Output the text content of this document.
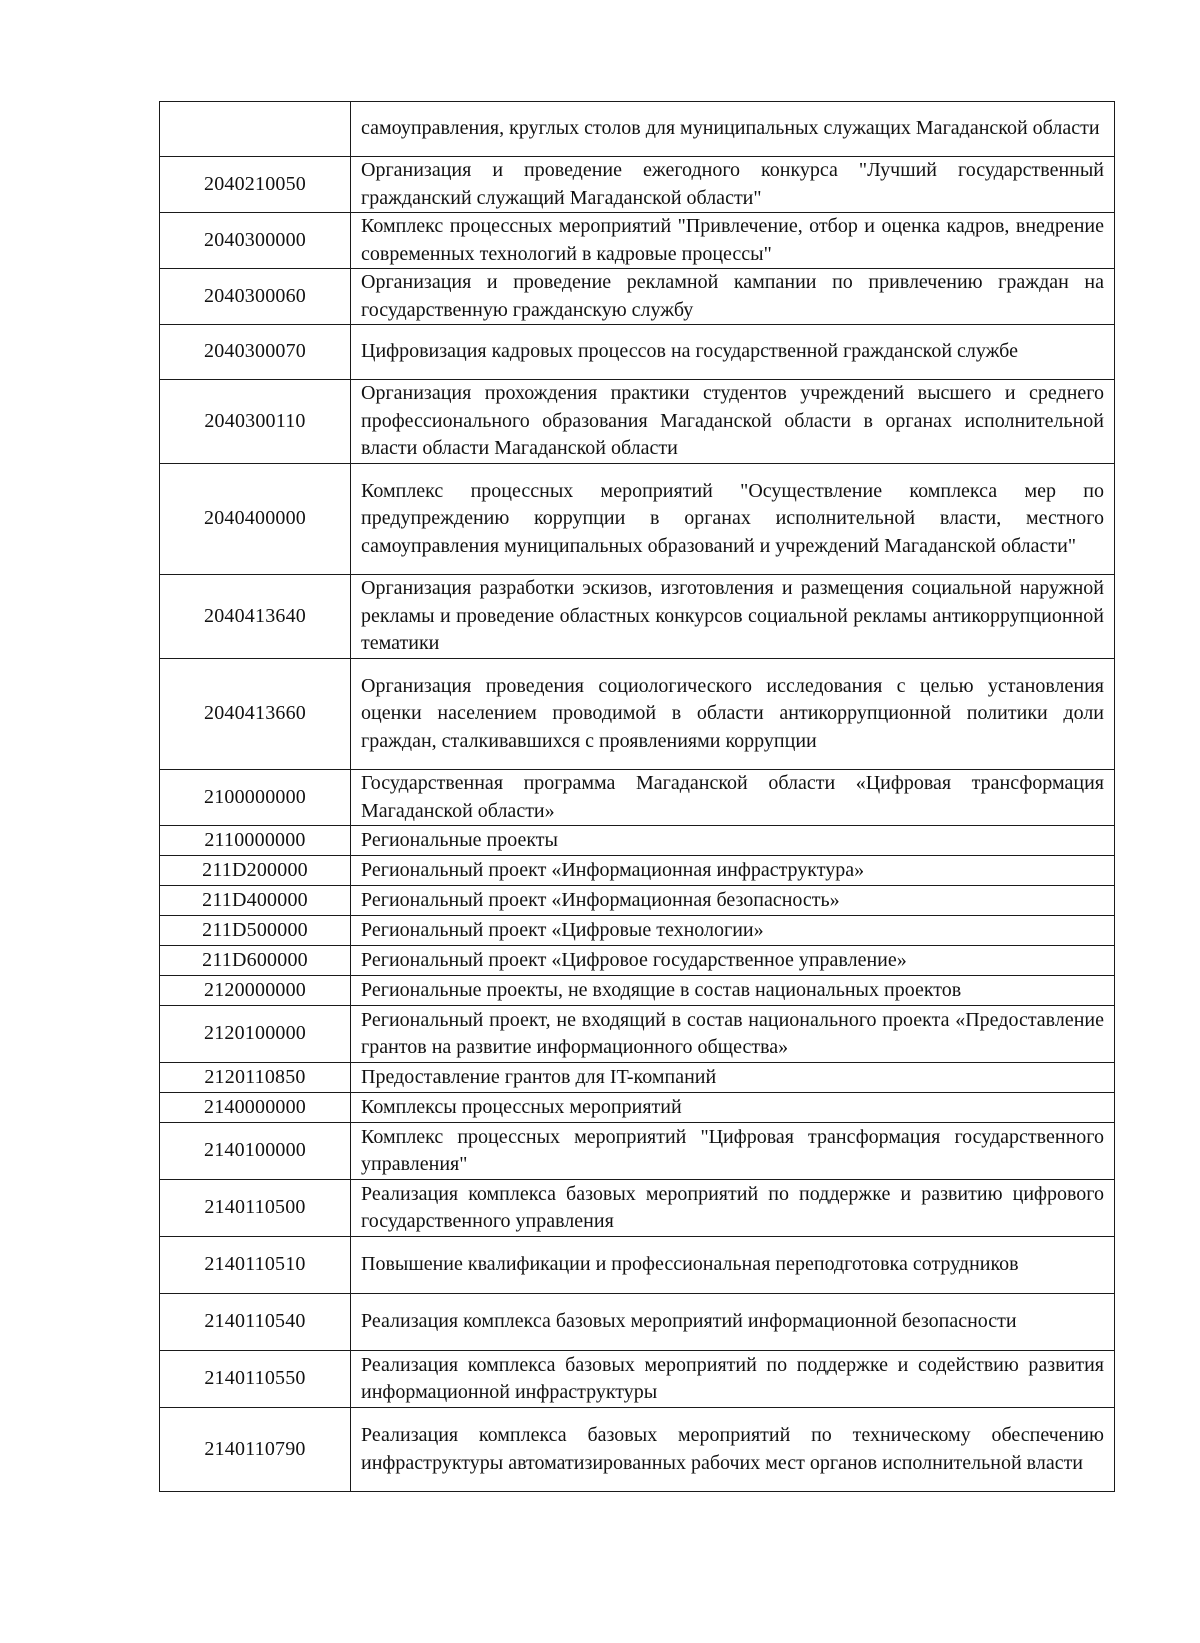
	самоуправления, круглых столов для муниципальных служащих Магаданской области
2040210050	Организация и проведение ежегодного конкурса "Лучший государственный гражданский служащий Магаданской области"
2040300000	Комплекс процессных мероприятий "Привлечение, отбор и оценка кадров, внедрение современных технологий в кадровые процессы"
2040300060	Организация и проведение рекламной кампании по привлечению граждан на государственную гражданскую службу
2040300070	Цифровизация кадровых процессов на государственной гражданской службе
2040300110	Организация прохождения практики студентов учреждений высшего и среднего профессионального образования Магаданской области в органах исполнительной власти области Магаданской области
2040400000	Комплекс процессных мероприятий "Осуществление комплекса мер по предупреждению коррупции в органах исполнительной власти, местного самоуправления муниципальных образований и учреждений Магаданской области"
2040413640	Организация разработки эскизов, изготовления и размещения социальной наружной рекламы и проведение областных конкурсов социальной рекламы антикоррупционной тематики
2040413660	Организация проведения социологического исследования с целью установления оценки населением проводимой в области антикоррупционной политики доли граждан, сталкивавшихся с проявлениями коррупции
2100000000	Государственная программа Магаданской области «Цифровая трансформация Магаданской области»
2110000000	Региональные проекты
211D200000	Региональный проект «Информационная инфраструктура»
211D400000	Региональный проект «Информационная безопасность»
211D500000	Региональный проект «Цифровые технологии»
211D600000	Региональный проект «Цифровое государственное управление»
2120000000	Региональные проекты, не входящие в состав национальных проектов
2120100000	Региональный проект, не входящий в состав национального проекта «Предоставление грантов на развитие информационного общества»
2120110850	Предоставление грантов для IT-компаний
2140000000	Комплексы процессных мероприятий
2140100000	Комплекс процессных мероприятий "Цифровая трансформация государственного управления"
2140110500	Реализация комплекса базовых мероприятий по поддержке и развитию цифрового государственного управления
2140110510	Повышение квалификации и профессиональная переподготовка сотрудников
2140110540	Реализация комплекса базовых мероприятий информационной безопасности
2140110550	Реализация комплекса базовых мероприятий по поддержке и содействию развития информационной инфраструктуры
2140110790	Реализация комплекса базовых мероприятий по техническому обеспечению инфраструктуры автоматизированных рабочих мест органов исполнительной власти
